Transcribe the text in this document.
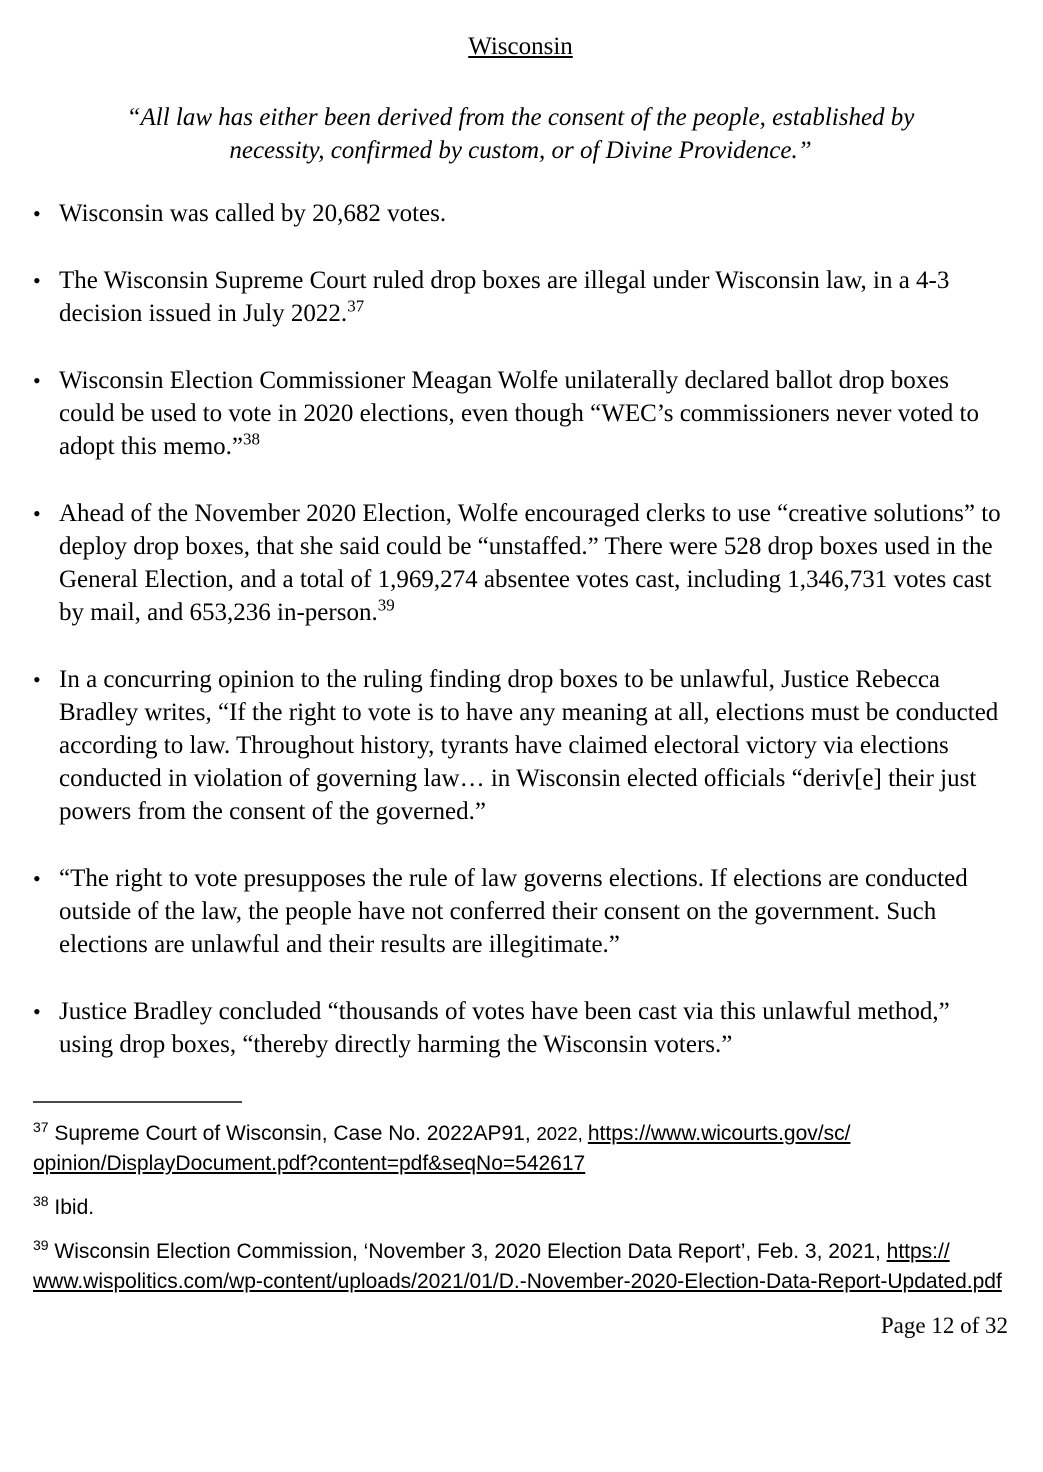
Wisconsin

“All law has either been derived from the consent of the people, established by
necessity, confirmed by custom, or of Divine Providence.”

• Wisconsin was called by 20,682 votes.
• The Wisconsin Supreme Court ruled drop boxes are illegal under Wisconsin law, in a 4-3 decision issued in July 2022.37
• Wisconsin Election Commissioner Meagan Wolfe unilaterally declared ballot drop boxes could be used to vote in 2020 elections, even though “WEC’s commissioners never voted to adopt this memo.”$^{38}$
• Ahead of the November 2020 Election, Wolfe encouraged clerks to use “creative solutions” to deploy drop boxes, that she said could be “unstaffed.” There were 528 drop boxes used in the General Election, and a total of 1,969,274 absentee votes cast, including 1,346,731 votes cast by mail, and 653,236 in-person.$^{39}$
• In a concurring opinion to the ruling finding drop boxes to be unlawful, Justice Rebecca Bradley writes, “If the right to vote is to have any meaning at all, elections must be conducted according to law. Throughout history, tyrants have claimed electoral victory via elections conducted in violation of governing law… in Wisconsin elected officials “deriv[e] their just powers from the consent of the governed.”
• “The right to vote presupposes the rule of law governs elections. If elections are conducted outside of the law, the people have not conferred their consent on the government. Such elections are unlawful and their results are illegitimate.”
• Justice Bradley concluded “thousands of votes have been cast via this unlawful method,” using drop boxes, “thereby directly harming the Wisconsin voters.”
$^{37}$ Supreme Court of Wisconsin, Case No. 2022AP91, 2022, https://www.wicourts.gov/sc/​opinion/DisplayDocument.pdf?content=pdf&seqNo=542617
$^{38}$ Ibid.
$^{39}$ Wisconsin Election Commission, ‘November 3, 2020 Election Data Report’, Feb. 3, 2021, https://​www.wispolitics.com/wp-content/uploads/2021/01/D.-November-2020-Election-Data-Report-​Updated.pdf
Page 12 of 32
